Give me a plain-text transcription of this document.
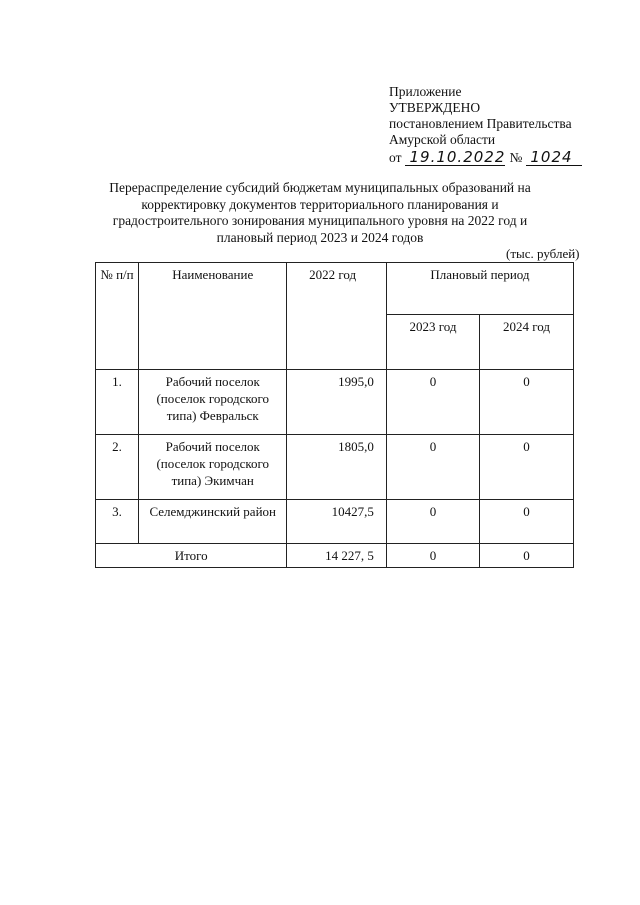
Приложение
УТВЕРЖДЕНО
постановлением Правительства
Амурской области
от 19.10.2022 № 1024
Перераспределение субсидий бюджетам муниципальных образований на корректировку документов территориального планирования и градостроительного зонирования муниципального уровня на 2022 год и плановый период 2023 и 2024 годов
(тыс. рублей)
№ п/п	Наименование	2022 год	Плановый период	
			2023 год	2024 год
1.	Рабочий поселок (поселок городского типа) Февральск	1995,0	0	0
2.	Рабочий поселок (поселок городского типа) Экимчан	1805,0	0	0
3.	Селемджинский район	10427,5	0	0
Итого		14 227, 5	0	0
